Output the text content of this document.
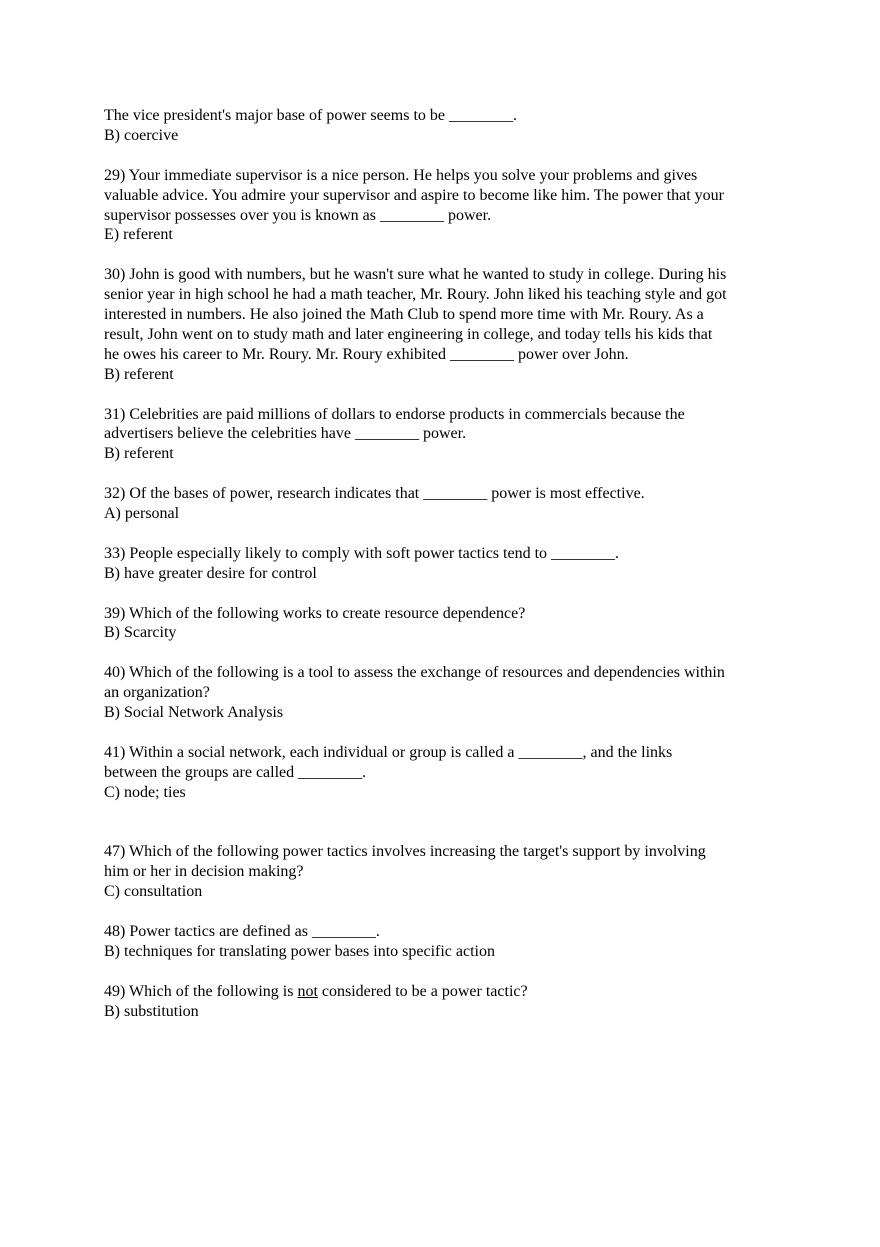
The vice president's major base of power seems to be ________.
B) coercive
29) Your immediate supervisor is a nice person. He helps you solve your problems and gives
valuable advice. You admire your supervisor and aspire to become like him. The power that your
supervisor possesses over you is known as ________ power.
E) referent
30) John is good with numbers, but he wasn't sure what he wanted to study in college. During his
senior year in high school he had a math teacher, Mr. Roury. John liked his teaching style and got
interested in numbers. He also joined the Math Club to spend more time with Mr. Roury. As a
result, John went on to study math and later engineering in college, and today tells his kids that
he owes his career to Mr. Roury. Mr. Roury exhibited ________ power over John.
B) referent
31) Celebrities are paid millions of dollars to endorse products in commercials because the
advertisers believe the celebrities have ________ power.
B) referent
32) Of the bases of power, research indicates that ________ power is most effective.
A) personal
33) People especially likely to comply with soft power tactics tend to ________.
B) have greater desire for control
39) Which of the following works to create resource dependence?
B) Scarcity
40) Which of the following is a tool to assess the exchange of resources and dependencies within
an organization?
B) Social Network Analysis
41) Within a social network, each individual or group is called a ________, and the links
between the groups are called ________.
C) node; ties
47) Which of the following power tactics involves increasing the target's support by involving
him or her in decision making?
C) consultation
48) Power tactics are defined as ________.
B) techniques for translating power bases into specific action
49) Which of the following is not considered to be a power tactic?
B) substitution
